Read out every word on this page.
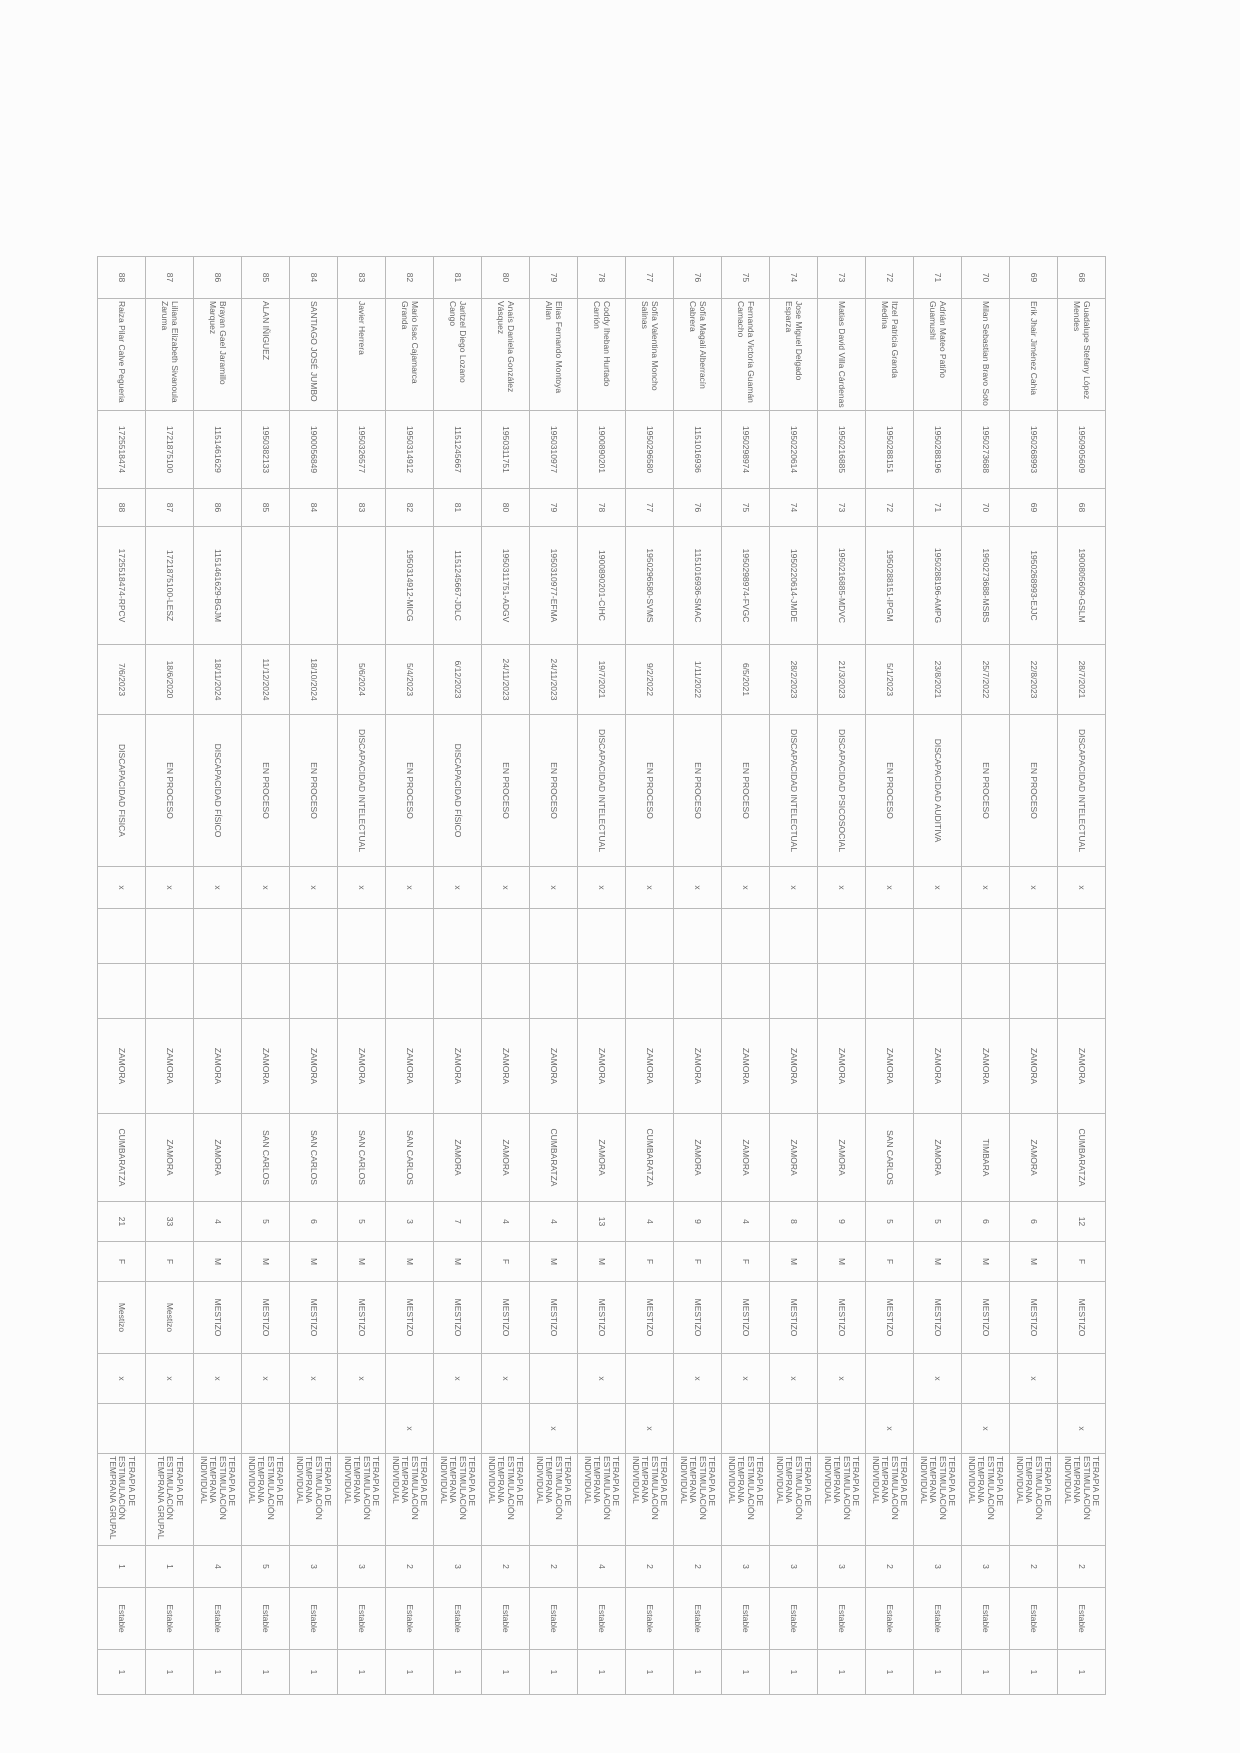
68	Guadalupe Stefany López Mendes	1950905609	68	1900805609-GSLM	28/7/2021	DISCAPACIDAD INTELECTUAL	x			ZAMORA	CUMBARATZA	12	F	MESTIZO		x	TERAPIA DE ESTIMULACIÓN TEMPRANA INDIVIDUAL	2	Estable	1
69	Erik Jhair Jiménez Cahia	1950268993	69	1950268993-EJJC	22/8/2023	EN PROCESO	x			ZAMORA	ZAMORA	6	M	MESTIZO	x		TERAPIA DE ESTIMULACIÓN TEMPRANA INDIVIDUAL	2	Estable	1
70	Milan Sebastian Bravo Soto	1950273688	70	1950273688-MSBS	25/7/2022	EN PROCESO	x			ZAMORA	TIMBARA	6	M	MESTIZO		x	TERAPIA DE ESTIMULACIÓN TEMPRANA INDIVIDUAL	3	Estable	1
71	Adrián Mateo Patiño Guamushi	1950288196	71	1950288196-AMPG	23/8/2021	DISCAPACIDAD AUDITIVA	x			ZAMORA	ZAMORA	5	M	MESTIZO	x		TERAPIA DE ESTIMULACIÓN TEMPRANA INDIVIDUAL	3	Estable	1
72	Itzel Patricia Granda Medina	1950288151	72	1950288151-IPGM	5/1/2023	EN PROCESO	x			ZAMORA	SAN CARLOS	5	F	MESTIZO		x	TERAPIA DE ESTIMULACIÓN TEMPRANA INDIVIDUAL	2	Estable	1
73	Matias David Villa Cárdenas	1950216885	73	1950216885-MDVC	21/3/2023	DISCAPACIDAD PSICOSOCIAL	x			ZAMORA	ZAMORA	9	M	MESTIZO	x		TERAPIA DE ESTIMULACIÓN TEMPRANA INDIVIDUAL	3	Estable	1
74	Jose Miguel Delgado Esparza	1950220614	74	1950220614-JMDE	28/2/2023	DISCAPACIDAD INTELECTUAL	x			ZAMORA	ZAMORA	8	M	MESTIZO	x		TERAPIA DE ESTIMULACIÓN TEMPRANA INDIVIDUAL	3	Estable	1
75	Fernanda Victoria Guamán Camacho	1950298974	75	1950298974-FVGC	6/5/2021	EN PROCESO	x			ZAMORA	ZAMORA	4	F	MESTIZO	x		TERAPIA DE ESTIMULACIÓN TEMPRANA INDIVIDUAL	3	Estable	1
76	Sofía Magali Alberracín Cabrera	1151016936	76	1151016936-SMAC	1/11/2022	EN PROCESO	x			ZAMORA	ZAMORA	9	F	MESTIZO	x		TERAPIA DE ESTIMULACIÓN TEMPRANA INDIVIDUAL	2	Estable	1
77	Sofía Valentina Moncho Salinas	1950296580	77	1950296580-SVMS	9/2/2022	EN PROCESO	x			ZAMORA	CUMBARATZA	4	F	MESTIZO		x	TERAPIA DE ESTIMULACIÓN TEMPRANA INDIVIDUAL	2	Estable	1
78	Coddy Iheban Hurtado Carrión	1900890201	78	1900890201-CIHC	19/7/2021	DISCAPACIDAD INTELECTUAL	x			ZAMORA	ZAMORA	13	M	MESTIZO	x		TERAPIA DE ESTIMULACIÓN TEMPRANA INDIVIDUAL	4	Estable	1
79	Elias Fernando Montoya Allan	1950310977	79	1950310977-EFMA	24/11/2023	EN PROCESO	x			ZAMORA	CUMBARATZA	4	M	MESTIZO		x	TERAPIA DE ESTIMULACIÓN TEMPRANA INDIVIDUAL	2	Estable	1
80	Anaís Daniela González Vásquez	1950311751	80	1950311751-ADGV	24/11/2023	EN PROCESO	x			ZAMORA	ZAMORA	4	F	MESTIZO	x		TERAPIA DE ESTIMULACIÓN TEMPRANA INDIVIDUAL	2	Estable	1
81	Jaritzel Diego Lozano Cango	1151245667	81	1151245667-JDLC	6/12/2023	DISCAPACIDAD FÍSICO	x			ZAMORA	ZAMORA	7	M	MESTIZO	x		TERAPIA DE ESTIMULACIÓN TEMPRANA INDIVIDUAL	3	Estable	1
82	Mario Isac Cajamarca Granda	1950314912	82	1950314912-MICG	5/4/2023	EN PROCESO	x			ZAMORA	SAN CARLOS	3	M	MESTIZO		x	TERAPIA DE ESTIMULACIÓN TEMPRANA INDIVIDUAL	2	Estable	1
83	Javier Herrera	1950326577	83		5/6/2024	DISCAPACIDAD INTELECTUAL	x			ZAMORA	SAN CARLOS	5	M	MESTIZO	x		TERAPIA DE ESTIMULACIÓN TEMPRANA INDIVIDUAL	3	Estable	1
84	SANTIAGO JOSÉ JUMBO	1900056849	84		18/10/2024	EN PROCESO	x			ZAMORA	SAN CARLOS	6	M	MESTIZO	x		TERAPIA DE ESTIMULACIÓN TEMPRANA INDIVIDUAL	3	Estable	1
85	ALAN IÑIGUEZ	1950382133	85		11/12/2024	EN PROCESO	x			ZAMORA	SAN CARLOS	5	M	MESTIZO	x		TERAPIA DE ESTIMULACIÓN TEMPRANA INDIVIDUAL	5	Estable	1
86	Brayan Gael Jaramillo Marquez	1151461629	86	1151461629-BGJM	18/11/2024	DISCAPACIDAD FÍSICO	x			ZAMORA	ZAMORA	4	M	MESTIZO	x		TERAPIA DE ESTIMULACIÓN TEMPRANA INDIVIDUAL	4	Estable	1
87	Liliana Elizabeth Sivanoula Zaruma	1721875100	87	1721875100-LESZ	18/6/2020	EN PROCESO	x			ZAMORA	ZAMORA	33	F	Mestizo	x		TERAPIA DE ESTIMULACIÓN TEMPRANA GRUPAL	1	Estable	1
88	Raiza Pilar Calve Pegueria	1725518474	88	1725518474-RPCV	7/6/2023	DISCAPACIDAD FISICA	x			ZAMORA	CUMBARATZA	21	F	Mestizo	x		TERAPIA DE ESTIMULACIÓN TEMPRANA GRUPAL	1	Estable	1
